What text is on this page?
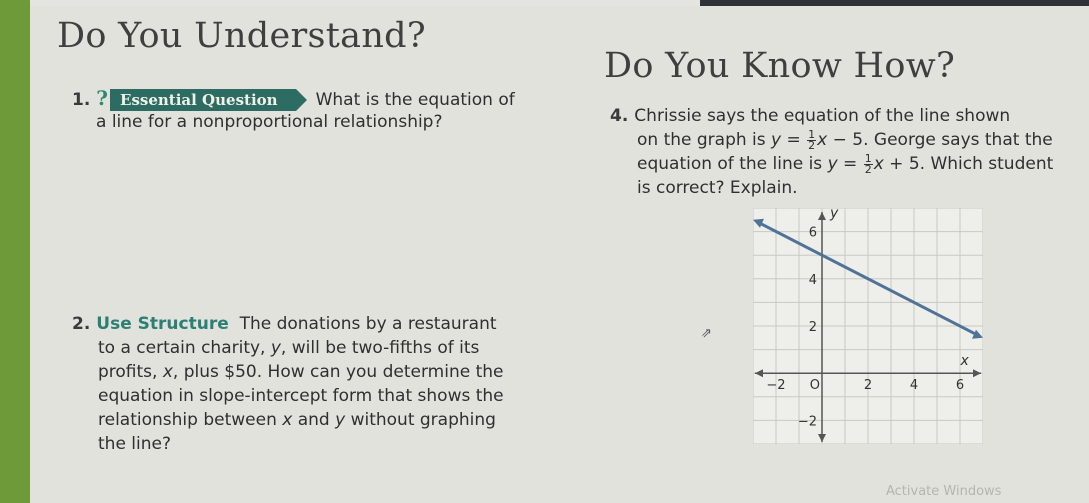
Do You Understand?
Do You Know How?
1. ? Essential Question What is the equation of
a line for a nonproportional relationship?
2. Use Structure The donations by a restaurant
to a certain charity, y, will be two-fifths of its
profits, x, plus $50. How can you determine the
equation in slope-intercept form that shows the
relationship between x and y without graphing
the line?
4. Chrissie says the equation of the line shown
on the graph is $y = \frac{1}{2}$ x − 5. George says that the
equation of the line is $y = \frac{1}{2}$ x + 5. Which student
is correct? Explain.
⇗
−2	2	4	6
O
6
4
2
−2
x
y
Activate Windows
